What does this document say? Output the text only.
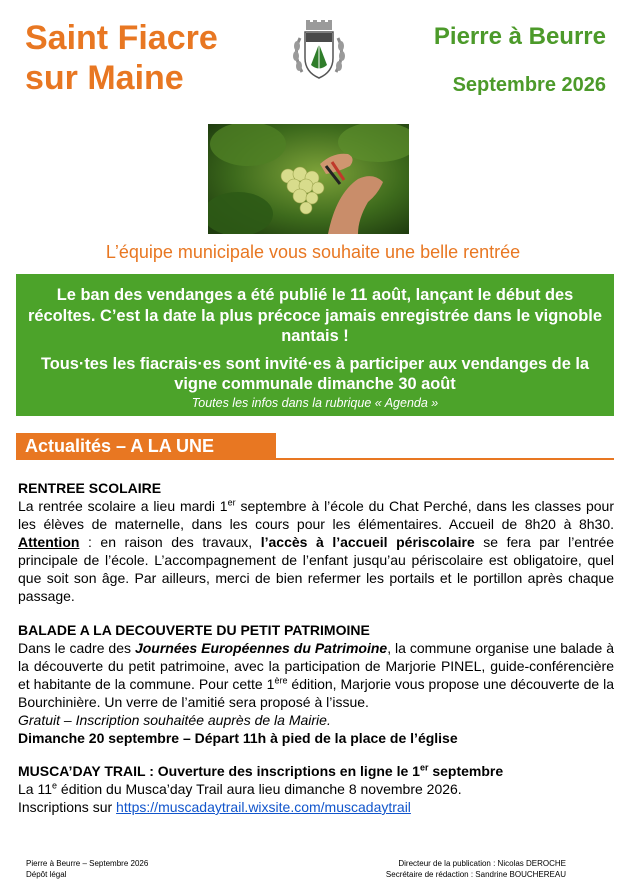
Saint Fiacre
sur Maine
Pierre à Beurre
Septembre 2026
L’équipe municipale vous souhaite une belle rentrée

Le ban des vendanges a été publié le 11 août, lançant le début des récoltes. C’est la date la plus précoce jamais enregistrée dans le vignoble nantais !

Tous·tes les fiacrais·es sont invité·es à participer aux vendanges de la vigne communale dimanche 30 août

Toutes les infos dans la rubrique « Agenda »

Actualités – A LA UNE

RENTREE SCOLAIRE

La rentrée scolaire a lieu mardi 1er septembre à l’école du Chat Perché, dans les classes pour les élèves de maternelle, dans les cours pour les élémentaires. Accueil de 8h20 à 8h30. Attention : en raison des travaux, l’accès à l’accueil périscolaire se fera par l’entrée principale de l’école. L’accompagnement de l’enfant jusqu’au périscolaire est obligatoire, quel que soit son âge. Par ailleurs, merci de bien refermer les portails et le portillon après chaque passage.

BALADE A LA DECOUVERTE DU PETIT PATRIMOINE

Dans le cadre des Journées Européennes du Patrimoine, la commune organise une balade à la découverte du petit patrimoine, avec la participation de Marjorie PINEL, guide-conférencière et habitante de la commune. Pour cette 1ère édition, Marjorie vous propose une découverte de la Bourchinière. Un verre de l’amitié sera proposé à l’issue.

Gratuit – Inscription souhaitée auprès de la Mairie.

Dimanche 20 septembre – Départ 11h à pied de la place de l’église

MUSCA’DAY TRAIL : Ouverture des inscriptions en ligne le 1er septembre

La 11e édition du Musca’day Trail aura lieu dimanche 8 novembre 2026.

Inscriptions sur https://muscadaytrail.wixsite.com/muscadaytrail

Pierre à Beurre – Septembre 2026
Dépôt légal
Directeur de la publication : Nicolas DEROCHE
Secrétaire de rédaction : Sandrine BOUCHEREAU
